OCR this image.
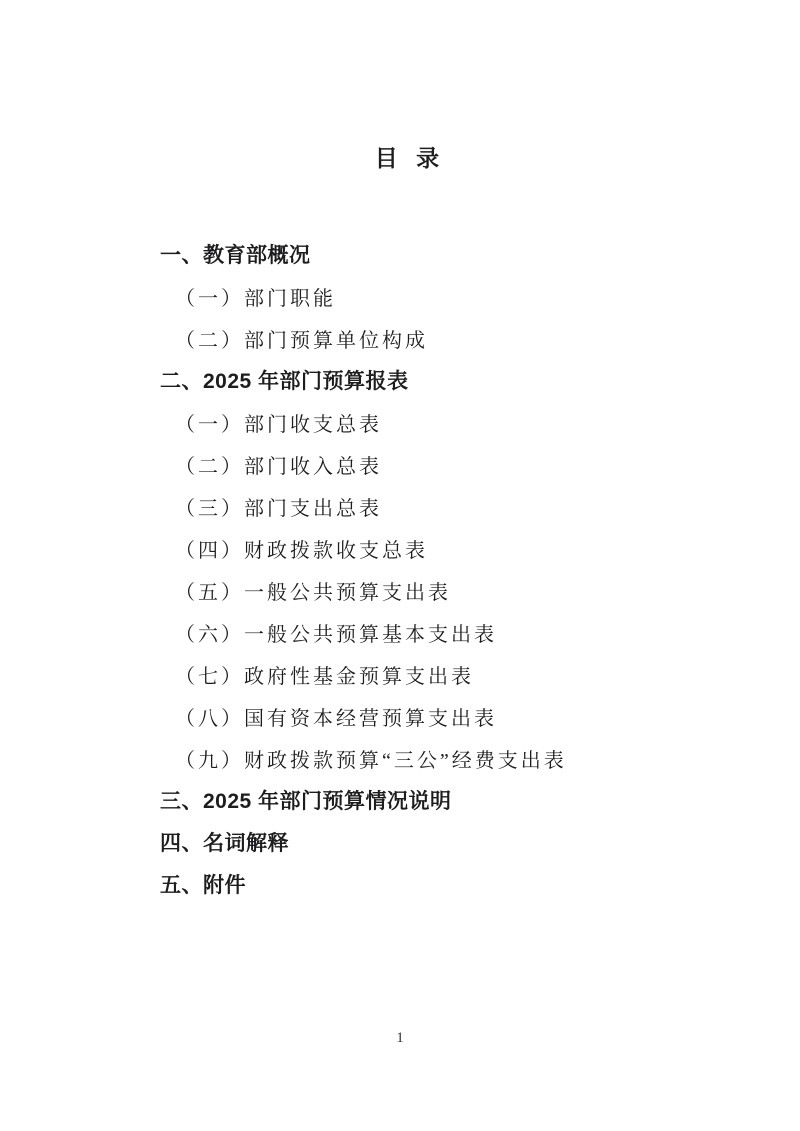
目 录
一、教育部概况
（一）部门职能
（二）部门预算单位构成
二、2025 年部门预算报表
（一）部门收支总表
（二）部门收入总表
（三）部门支出总表
（四）财政拨款收支总表
（五）一般公共预算支出表
（六）一般公共预算基本支出表
（七）政府性基金预算支出表
（八）国有资本经营预算支出表
（九）财政拨款预算“三公”经费支出表
三、2025 年部门预算情况说明
四、名词解释
五、附件
1
